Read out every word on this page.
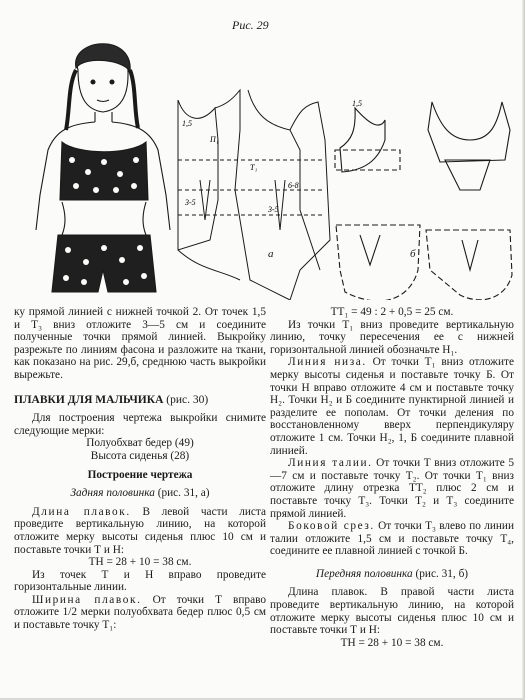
Рис. 29
1,5
П₁
Т₁
6-8
3-5
3-5
1,5
а	б

ку прямой линией с нижней точкой 2. От точек 1,5 и Т₃ вниз отложите 3—5 см и соедините полученные точки прямой линией. Выкройку разрежьте по линиям фасона и разложите на ткани, как показано на рис. 29,б, среднюю часть выкройки вырежьте.

ПЛАВКИ ДЛЯ МАЛЬЧИКА (рис. 30)

Для построения чертежа выкройки снимите следующие мерки:

Полуобхват бедер (49)

Высота сиденья (28)

Построение чертежа

Задняя половинка (рис. 31, а)

Длина плавок. В левой части листа проведите вертикальную линию, на которой отложите мерку высоты сиденья плюс 10 см и поставьте точки Т и Н:

ТН = 28 + 10 = 38 см.

Из точек Т и Н вправо проведите горизонтальные линии.

Ширина плавок. От точки Т вправо отложите 1/2 мерки полуобхвата бедер плюс 0,5 см и поставьте точку Т₁:

ТТ₁ = 49 : 2 + 0,5 = 25 см.

Из точки Т₁ вниз проведите вертикальную линию, точку пересечения ее с нижней горизонтальной линией обозначьте Н₁.

Линия низа. От точки Т₁ вниз отложите мерку высоты сиденья и поставьте точку Б. От точки Н вправо отложите 4 см и поставьте точку Н₂. Точки Н₂ и Б соедините пунктирной линией и разделите ее пополам. От точки деления по восстановленному вверх перпендикуляру отложите 1 см. Точки Н₂, 1, Б соедините плавной линией.

Линия талии. От точки Т вниз отложите 5—7 см и поставьте точку Т₂. От точки Т₁ вниз отложите длину отрезка ТТ₂ плюс 2 см и поставьте точку Т₃. Точки Т₂ и Т₃ соедините прямой линией.

Боковой срез. От точки Т₃ влево по линии талии отложите 1,5 см и поставьте точку Т₄, соедините ее плавной линией с точкой Б.

Передняя половинка (рис. 31, б)

Длина плавок. В правой части листа проведите вертикальную линию, на которой отложите мерку высоты сиденья плюс 10 см и поставьте точки Т и Н:

ТН = 28 + 10 = 38 см.
